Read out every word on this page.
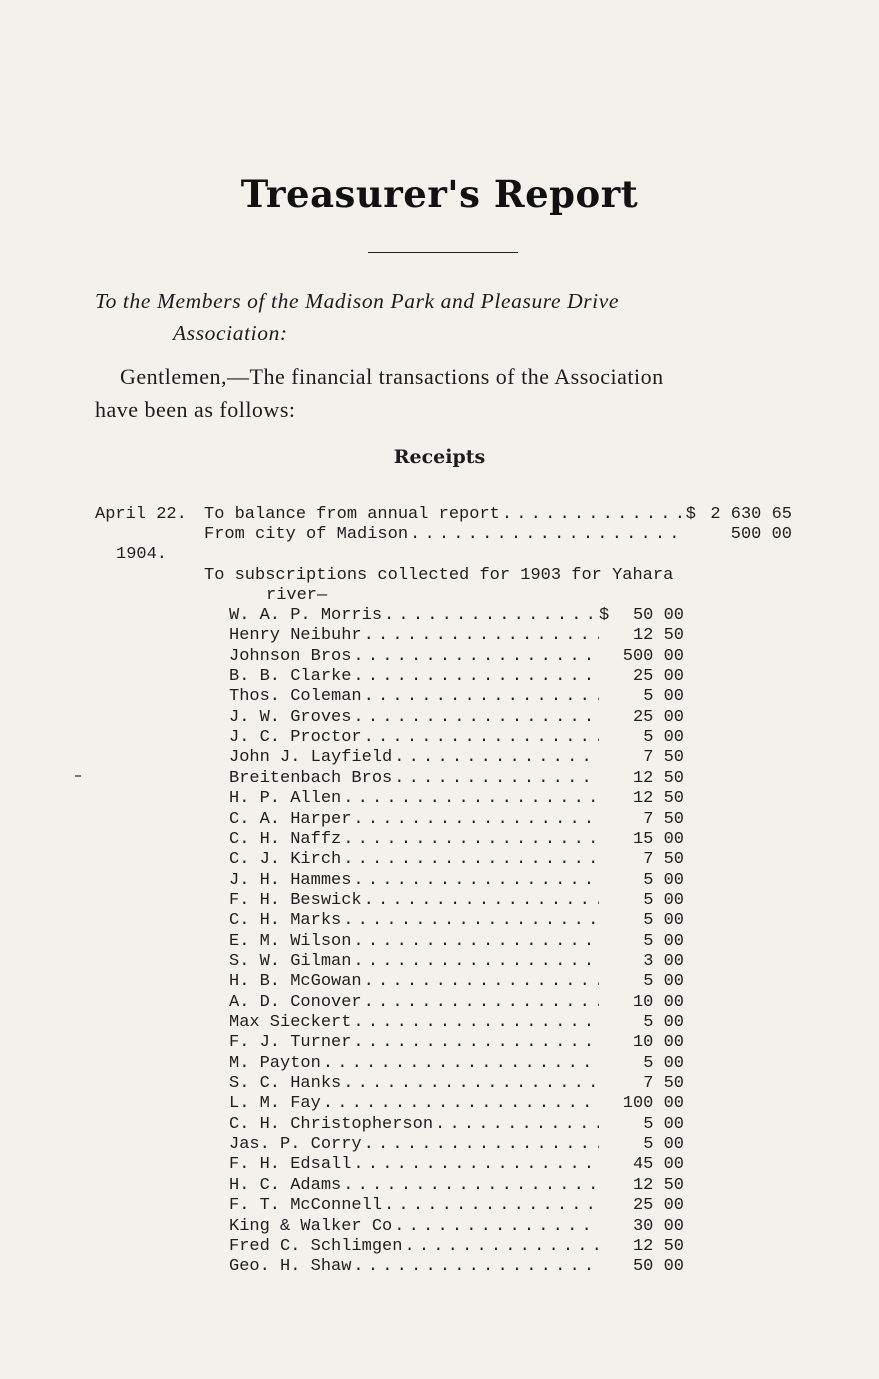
Treasurer's Report
To the Members of the Madison Park and Pleasure Drive
Association:
Gentlemen,—The financial transactions of the Association
have been as follows:
Receipts
April 22. To balance from annual report . . .	$ 2 630 65
From city of Madison . . .	500 00
1904.
To subscriptions collected for 1903 for Yahara
river—
W. A. P. Morris . . .	50 00
$
Henry Neibuhr . . .	12 50
Johnson Bros . . .	500 00
B. B. Clarke . . .	25 00
Thos. Coleman . . .	5 00
J. W. Groves . . .	25 00
J. C. Proctor . . .	5 00
John J. Layfield . . .	7 50
Breitenbach Bros . . .	12 50
H. P. Allen . . .	12 50
C. A. Harper . . .	7 50
C. H. Naffz . . .	15 00
C. J. Kirch . . .	7 50
J. H. Hammes . . .	5 00
F. H. Beswick . . .	5 00
C. H. Marks . . .	5 00
E. M. Wilson . . .	5 00
S. W. Gilman . . .	3 00
H. B. McGowan . . .	5 00
A. D. Conover . . .	10 00
Max Sieckert . . .	5 00
F. J. Turner . . .	10 00
M. Payton . . .	5 00
S. C. Hanks . . .	7 50
L. M. Fay . . .	100 00
C. H. Christopherson . . .	5 00
Jas. P. Corry . . .	5 00
F. H. Edsall . . .	45 00
H. C. Adams . . .	12 50
F. T. McConnell . . .	25 00
King & Walker Co . . .	30 00
Fred C. Schlimgen . . .	12 50
Geo. H. Shaw . . .	50 00
